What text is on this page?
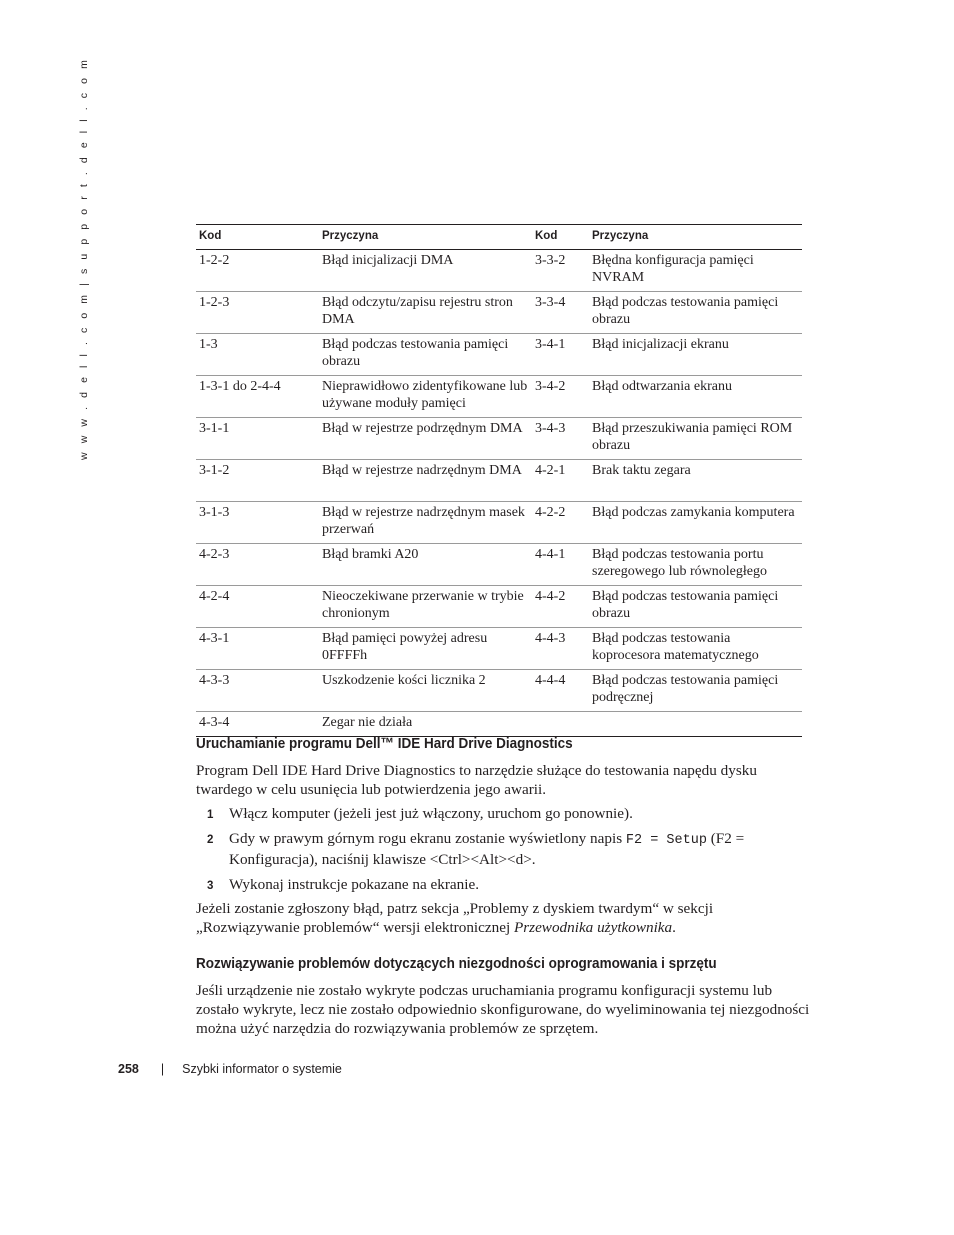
w w w . d e l l . c o m | s u p p o r t . d e l l . c o m	Kod	Przyczyna	Kod	Przyczyna
1-2-2	Błąd inicjalizacji DMA	3-3-2	Błędna konfiguracja pamięci NVRAM
1-2-3	Błąd odczytu/zapisu rejestru stron DMA	3-3-4	Błąd podczas testowania pamięci obrazu
1-3	Błąd podczas testowania pamięci obrazu	3-4-1	Błąd inicjalizacji ekranu
1-3-1 do 2-4-4	Nieprawidłowo zidentyfikowane lub używane moduły pamięci	3-4-2	Błąd odtwarzania ekranu
3-1-1	Błąd w rejestrze podrzędnym DMA	3-4-3	Błąd przeszukiwania pamięci ROM obrazu
3-1-2	Błąd w rejestrze nadrzędnym DMA	4-2-1	Brak taktu zegara
3-1-3	Błąd w rejestrze nadrzędnym masek przerwań	4-2-2	Błąd podczas zamykania komputera
4-2-3	Błąd bramki A20	4-4-1	Błąd podczas testowania portu szeregowego lub równoległego
4-2-4	Nieoczekiwane przerwanie w trybie chronionym	4-4-2	Błąd podczas testowania pamięci obrazu
4-3-1	Błąd pamięci powyżej adresu 0FFFFh	4-4-3	Błąd podczas testowania koprocesora matematycznego
4-3-3	Uszkodzenie kości licznika 2	4-4-4	Błąd podczas testowania pamięci podręcznej
4-3-4	Zegar nie działa		
Uruchamianie programu Dell™ IDE Hard Drive Diagnostics
Program Dell IDE Hard Drive Diagnostics to narzędzie służące do testowania napędu dysku twardego w celu usunięcia lub potwierdzenia jego awarii.
1 Włącz komputer (jeżeli jest już włączony, uruchom go ponownie).
2 Gdy w prawym górnym rogu ekranu zostanie wyświetlony napis F2 = Setup (F2 = Konfiguracja), naciśnij klawisze <Ctrl><Alt><d>.
3 Wykonaj instrukcje pokazane na ekranie.
Jeżeli zostanie zgłoszony błąd, patrz sekcja „Problemy z dyskiem twardym“ w sekcji „Rozwiązywanie problemów“ wersji elektronicznej Przewodnika użytkownika.
Rozwiązywanie problemów dotyczących niezgodności oprogramowania i sprzętu
Jeśli urządzenie nie zostało wykryte podczas uruchamiania programu konfiguracji systemu lub zostało wykryte, lecz nie zostało odpowiednio skonfigurowane, do wyeliminowania tej niezgodności można użyć narzędzia do rozwiązywania problemów ze sprzętem.
258 | Szybki informator o systemie
